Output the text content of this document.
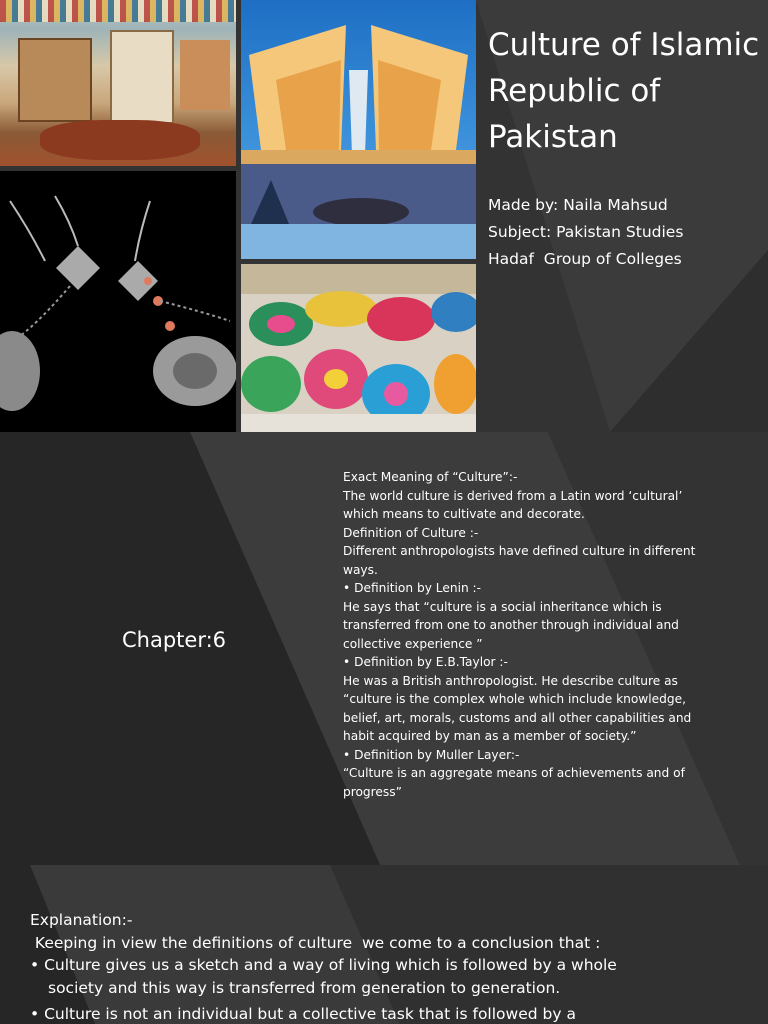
Culture of Islamic Republic of Pakistan
Made by: Naila Mahsud
Subject: Pakistan Studies
Hadaf  Group of Colleges
Chapter:6
Exact Meaning of “Culture”:-
The world culture is derived from a Latin word ‘cultural’ which means to cultivate and decorate.
Definition of Culture :-
Different anthropologists have defined culture in different ways.
• Definition by Lenin :-
He says that “culture is a social inheritance which is transferred from one to another through individual and collective experience ”
• Definition by E.B.Taylor :-
He was a British anthropologist. He describe culture as “culture is the complex whole which include knowledge, belief, art, morals, customs and all other capabilities and habit acquired by man as a member of society.”
• Definition by Muller Layer:-
“Culture is an aggregate means of achievements and of progress”
Explanation:-
Keeping in view the definitions of culture  we come to a conclusion that :
• Culture gives us a sketch and a way of living which is followed by a whole society and this way is transferred from generation to generation.
• Culture is not an individual but a collective task that is followed by a
